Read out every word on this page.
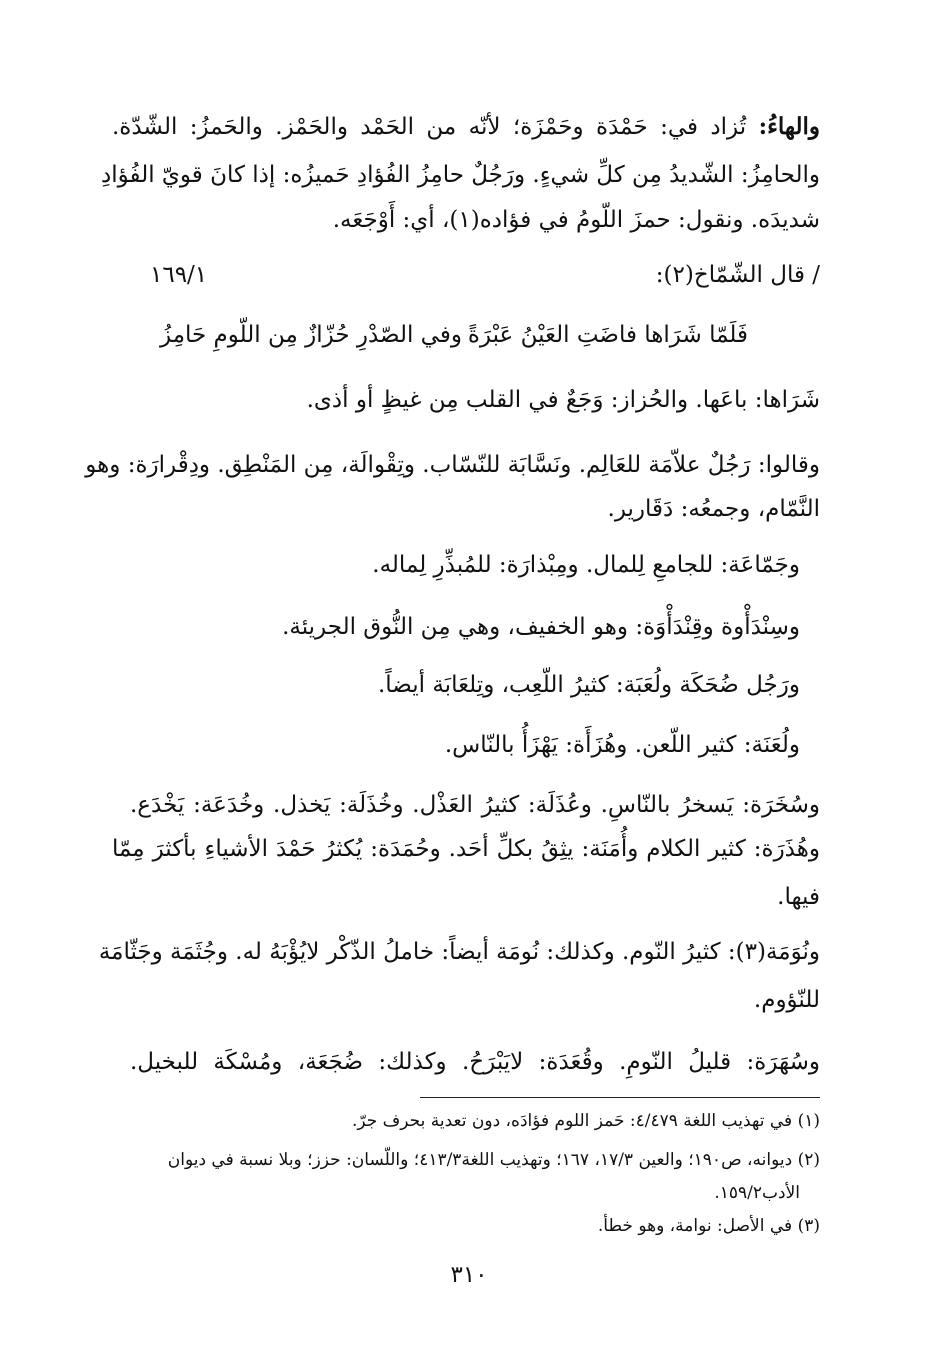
والهاءُ: تُزاد في: حَمْدَة وحَمْزَة؛ لأنّه من الحَمْد والحَمْز. والحَمزُ: الشّدّة.
والحامِزُ: الشّديدُ مِن كلِّ شيءٍ. ورَجُلٌ حامِزُ الفُؤادِ حَميزُه: إذا كانَ قويّ الفُؤادِ
شديدَه. ونقول: حمزَ اللّومُ في فؤاده(١)، أي: أَوْجَعَه.
/ قال الشّمّاخ(٢):
١٦٩/١
فَلَمّا شَرَاها فاضَتِ العَيْنُ عَبْرَةً
وفي الصّدْرِ حُزّازٌ مِن اللّومِ حَامِزُ
شَرَاها: باعَها. والحُزاز: وَجَعٌ في القلب مِن غيظٍ أو أذى.
وقالوا: رَجُلٌ علاّمَة للعَالِم. ونَسَّابَة للنّسّاب. وتِقْوالَة، مِن المَنْطِق. ودِقْرارَة: وهو
النَّمّام، وجمعُه: دَقَارير.
وجَمّاعَة: للجامعِ لِلمال. ومِبْذارَة: للمُبذِّرِ لِماله.
وسِنْدَأْوة وقِنْدَأْوَة: وهو الخفيف، وهي مِن النُّوق الجريئة.
ورَجُل ضُحَكَة ولُعَبَة: كثيرُ اللّعِب، وتِلعَابَة أيضاً.
ولُعَنَة: كثير اللّعن. وهُزَأَة: يَهْزَأُ بالنّاس.
وسُخَرَة: يَسخرُ بالنّاسِ. وعُذَلَة: كثيرُ العَذْل. وخُذَلَة: يَخذل. وخُدَعَة: يَخْدَع.
وهُذَرَة: كثير الكلام وأُمَنَة: يثِقُ بكلِّ أحَد. وحُمَدَة: يُكثرُ حَمْدَ الأشياءِ بأكثرَ مِمّا
فيها.
ونُوَمَة(٣): كثيرُ النّوم. وكذلك: نُومَة أيضاً: خاملُ الذّكْر لايُؤْبَهُ له. وجُثَمَة وجَثّامَة
للنّؤوم.
وسُهَرَة: قليلُ النّومِ. وقُعَدَة: لايَبْرَحُ. وكذلك: ضُجَعَة، ومُسْكَة للبخيل.
(١) في تهذيب اللغة ٤/٤٧٩: حَمز اللوم فؤادَه، دون تعدية بحرف جرّ.
(٢) ديوانه، ص١٩٠؛ والعين ١٧/٣، ١٦٧؛ وتهذيب اللغة٤١٣/٣؛ واللّسان: حزز؛ وبلا نسبة في ديوان
الأدب١٥٩/٢.
(٣) في الأصل: نوامة، وهو خطأ.
٣١٠
